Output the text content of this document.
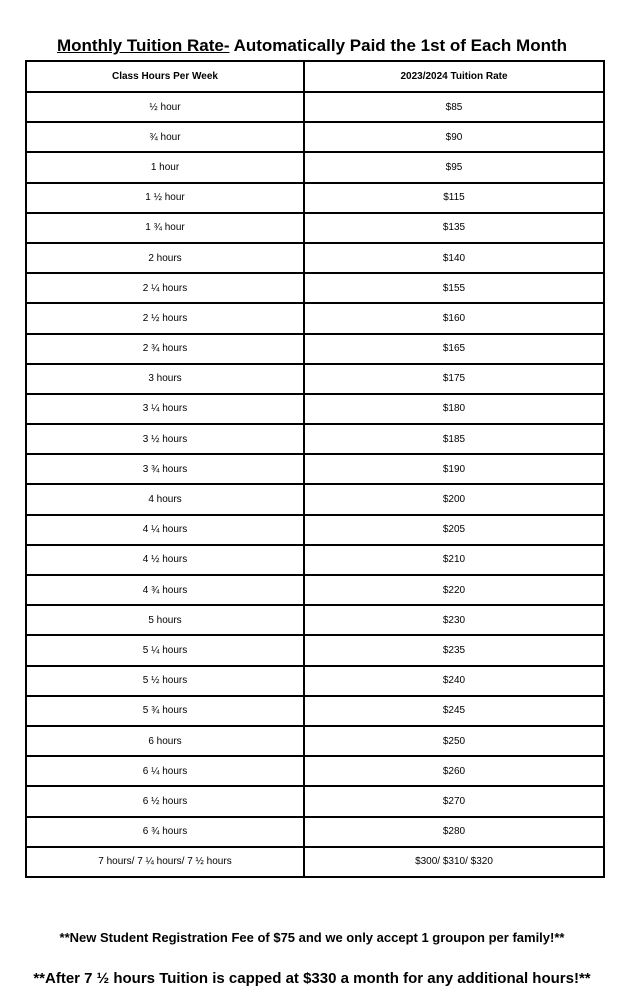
Monthly Tuition Rate- Automatically Paid the 1st of Each Month
Class Hours Per Week	2023/2024 Tuition Rate
½ hour	$85
¾ hour	$90
1 hour	$95
1 ½ hour	$115
1 ¾ hour	$135
2 hours	$140
2 ¼ hours	$155
2 ½ hours	$160
2 ¾ hours	$165
3 hours	$175
3 ¼ hours	$180
3 ½ hours	$185
3 ¾ hours	$190
4 hours	$200
4 ¼ hours	$205
4 ½ hours	$210
4 ¾ hours	$220
5 hours	$230
5 ¼ hours	$235
5 ½ hours	$240
5 ¾ hours	$245
6 hours	$250
6 ¼ hours	$260
6 ½ hours	$270
6 ¾ hours	$280
7 hours/ 7 ¼ hours/ 7 ½ hours	$300/ $310/ $320
**New Student Registration Fee of $75 and we only accept 1 groupon per family!**
**After 7 ½ hours Tuition is capped at $330 a month for any additional hours!**
